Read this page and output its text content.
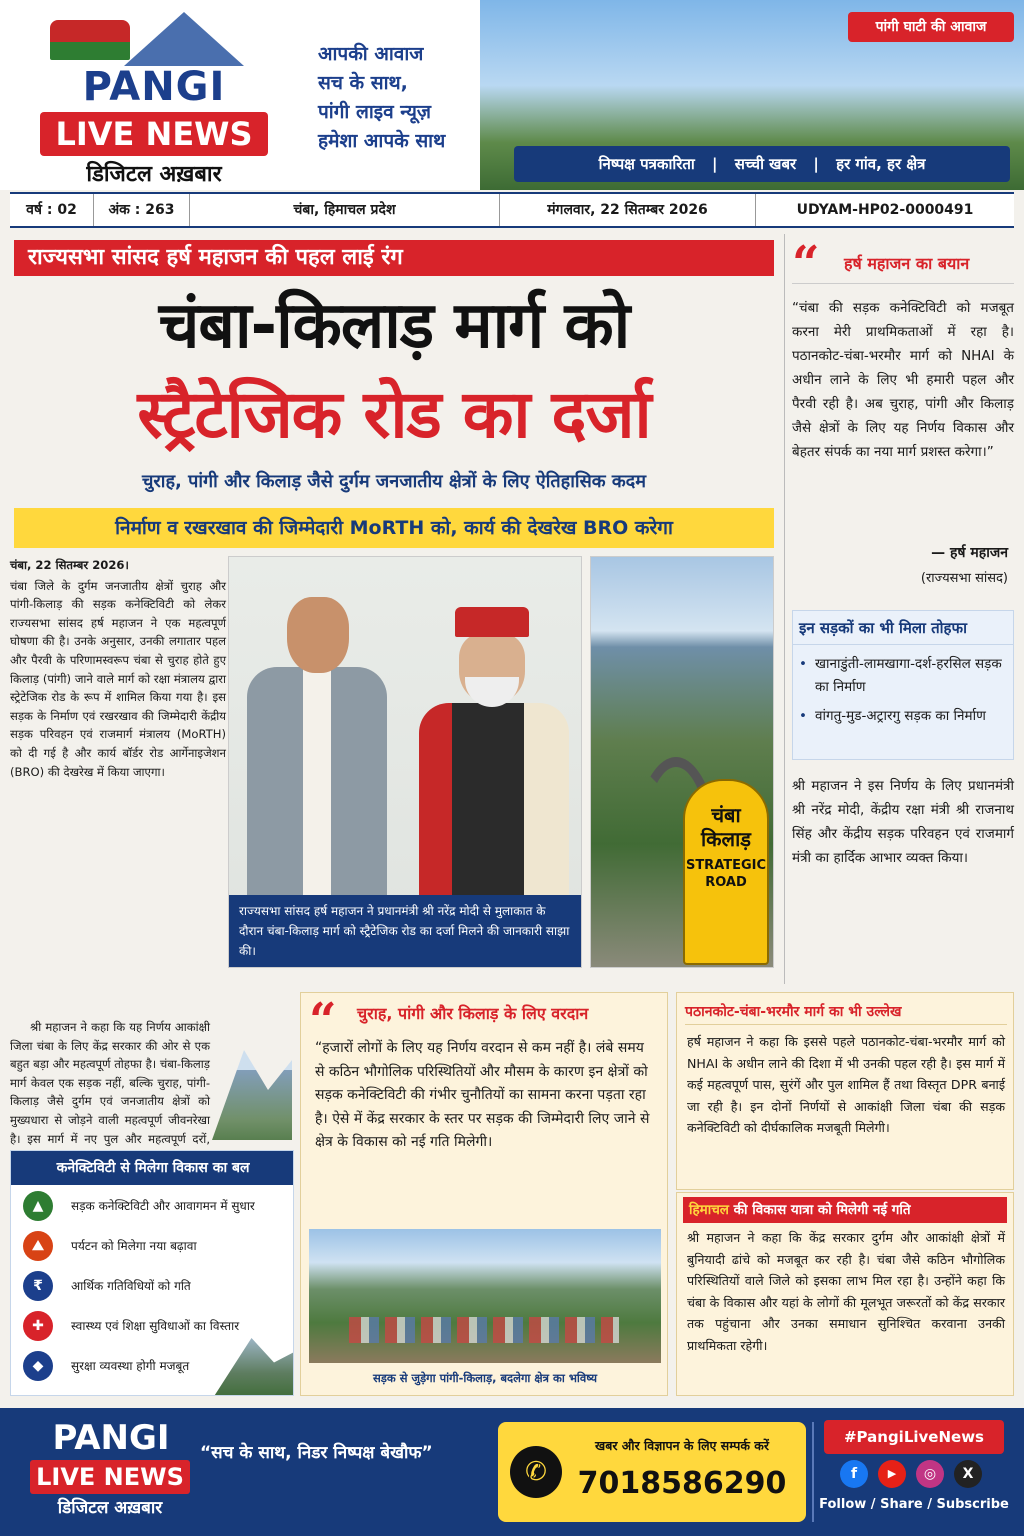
PANGI
LIVE NEWS
डिजिटल अख़बार
आपकी आवाज
सच के साथ,
पांगी लाइव न्यूज़
हमेशा आपके साथ
पांगी घाटी की आवाज
निष्पक्ष पत्रकारिता | सच्ची खबर | हर गांव, हर क्षेत्र
वर्ष : 02	अंक : 263	चंबा, हिमाचल प्रदेश	मंगलवार, 22 सितम्बर 2026	UDYAM-HP02-0000491
राज्यसभा सांसद हर्ष महाजन की पहल लाई रंग
चंबा-किलाड़ मार्ग को
स्ट्रैटेजिक रोड का दर्जा
चुराह, पांगी और किलाड़ जैसे दुर्गम जनजातीय क्षेत्रों के लिए ऐतिहासिक कदम
निर्माण व रखरखाव की जिम्मेदारी MoRTH को, कार्य की देखरेख BRO करेगा

चंबा, 22 सितम्बर 2026।

चंबा जिले के दुर्गम जनजातीय क्षेत्रों चुराह और पांगी-किलाड़ की सड़क कनेक्टिविटी को लेकर राज्यसभा सांसद हर्ष महाजन ने एक महत्वपूर्ण घोषणा की है। उनके अनुसार, उनकी लगातार पहल और पैरवी के परिणामस्वरूप चंबा से चुराह होते हुए किलाड़ (पांगी) जाने वाले मार्ग को रक्षा मंत्रालय द्वारा स्ट्रेटेजिक रोड के रूप में शामिल किया गया है। इस सड़क के निर्माण एवं रखरखाव की जिम्मेदारी केंद्रीय सड़क परिवहन एवं राजमार्ग मंत्रालय (MoRTH) को दी गई है और कार्य बॉर्डर रोड आर्गेनाइजेशन (BRO) की देखरेख में किया जाएगा।

श्री महाजन ने कहा कि यह निर्णय आकांक्षी जिला चंबा के लिए केंद्र सरकार की ओर से एक बहुत बड़ा और महत्वपूर्ण तोहफा है। चंबा-किलाड़ मार्ग केवल एक सड़क नहीं, बल्कि चुराह, पांगी-किलाड़ जैसे दुर्गम एवं जनजातीय क्षेत्रों को मुख्यधारा से जोड़ने वाली महत्वपूर्ण जीवनरेखा है। इस मार्ग में नए पुल और महत्वपूर्ण दरों,

राज्यसभा सांसद हर्ष महाजन ने प्रधानमंत्री श्री नरेंद्र मोदी से मुलाकात के दौरान चंबा-किलाड़ मार्ग को स्ट्रैटेजिक रोड का दर्जा मिलने की जानकारी साझा की।
चंबा
किलाड़
STRATEGIC
ROAD
“ हर्ष महाजन का बयान
“चंबा की सड़क कनेक्टिविटी को मजबूत करना मेरी प्राथमिकताओं में रहा है। पठानकोट-चंबा-भरमौर मार्ग को NHAI के अधीन लाने के लिए भी हमारी पहल और पैरवी रही है। अब चुराह, पांगी और किलाड़ जैसे क्षेत्रों के लिए यह निर्णय विकास और बेहतर संपर्क का नया मार्ग प्रशस्त करेगा।”
— हर्ष महाजन
(राज्यसभा सांसद)
इन सड़कों का भी मिला तोहफा
• खानाडुंती-लामखागा-दर्श-हरसिल सड़क का निर्माण
• वांगतु-मुड-अट्रारगु सड़क का निर्माण
श्री महाजन ने इस निर्णय के लिए प्रधानमंत्री श्री नरेंद्र मोदी, केंद्रीय रक्षा मंत्री श्री राजनाथ सिंह और केंद्रीय सड़क परिवहन एवं राजमार्ग मंत्री का हार्दिक आभार व्यक्त किया।
कनेक्टिविटी से मिलेगा विकास का बल
▲	सड़क कनेक्टिविटी और आवागमन में सुधार
⛰	पर्यटन को मिलेगा नया बढ़ावा
₹	आर्थिक गतिविधियों को गति
✚	स्वास्थ्य एवं शिक्षा सुविधाओं का विस्तार
◆	सुरक्षा व्यवस्था होगी मजबूत
“ चुराह, पांगी और किलाड़ के लिए वरदान
“हजारों लोगों के लिए यह निर्णय वरदान से कम नहीं है। लंबे समय से कठिन भौगोलिक परिस्थितियों और मौसम के कारण इन क्षेत्रों को सड़क कनेक्टिविटी की गंभीर चुनौतियों का सामना करना पड़ता रहा है। ऐसे में केंद्र सरकार के स्तर पर सड़क की जिम्मेदारी लिए जाने से क्षेत्र के विकास को नई गति मिलेगी।
सड़क से जुड़ेगा पांगी-किलाड़, बदलेगा क्षेत्र का भविष्य
पठानकोट-चंबा-भरमौर मार्ग का भी उल्लेख
हर्ष महाजन ने कहा कि इससे पहले पठानकोट-चंबा-भरमौर मार्ग को NHAI के अधीन लाने की दिशा में भी उनकी पहल रही है। इस मार्ग में कई महत्वपूर्ण पास, सुरंगें और पुल शामिल हैं तथा विस्तृत DPR बनाई जा रही है। इन दोनों निर्णयों से आकांक्षी जिला चंबा की सड़क कनेक्टिविटी को दीर्घकालिक मजबूती मिलेगी।
हिमाचल की विकास यात्रा को मिलेगी नई गति
श्री महाजन ने कहा कि केंद्र सरकार दुर्गम और आकांक्षी क्षेत्रों में बुनियादी ढांचे को मजबूत कर रही है। चंबा जैसे कठिन भौगोलिक परिस्थितियों वाले जिले को इसका लाभ मिल रहा है। उन्होंने कहा कि चंबा के विकास और यहां के लोगों की मूलभूत जरूरतों को केंद्र सरकार तक पहुंचाना और उनका समाधान सुनिश्चित करवाना उनकी प्राथमिकता रहेगी।
PANGI
LIVE NEWS
डिजिटल अख़बार
“सच के साथ, निडर निष्पक्ष बेखौफ”
✆
खबर और विज्ञापन के लिए सम्पर्क करें
7018586290
#PangiLiveNews
f	▶	◎	X
Follow / Share / Subscribe
